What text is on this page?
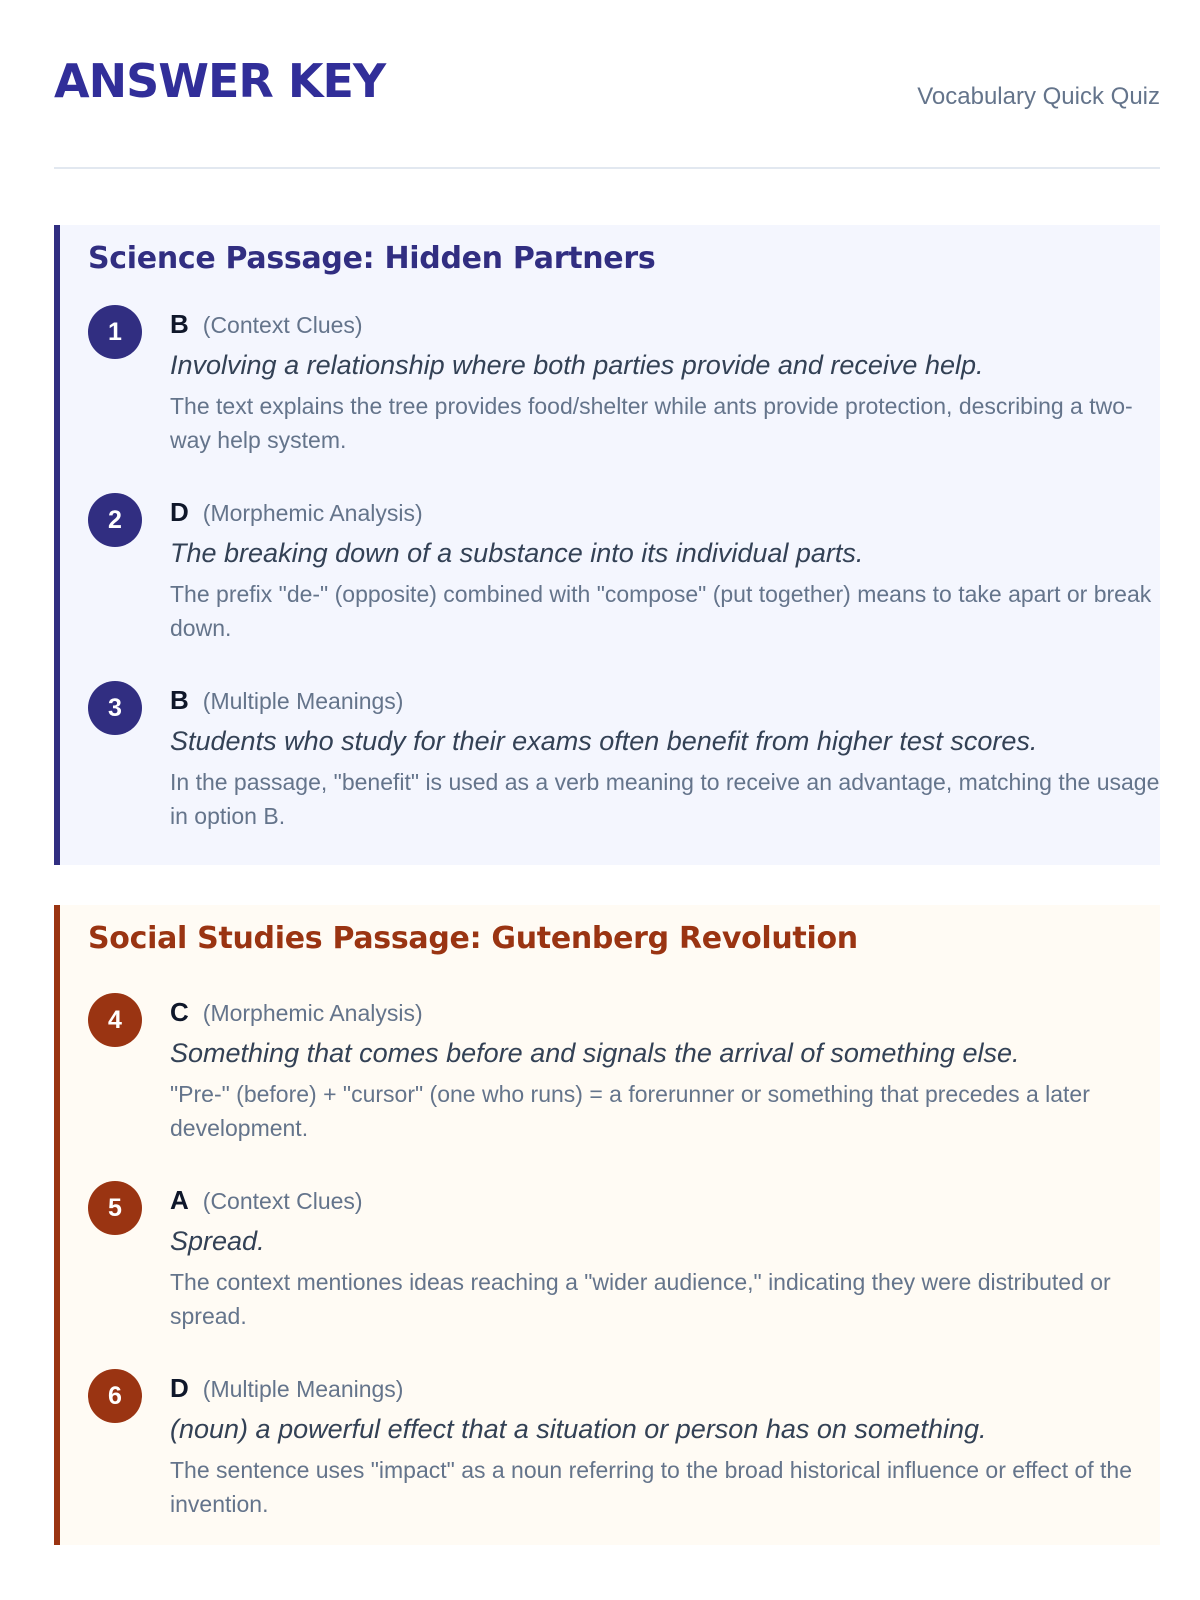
ANSWER KEY	Vocabulary Quick Quiz
Science Passage: Hidden Partners
1	B (Context Clues)
Involving a relationship where both parties provide and receive help.
The text explains the tree provides food/shelter while ants provide protection, describing a two-way help system.
2	D (Morphemic Analysis)
The breaking down of a substance into its individual parts.
The prefix "de-" (opposite) combined with "compose" (put together) means to take apart or break down.
3	B (Multiple Meanings)
Students who study for their exams often benefit from higher test scores.
In the passage, "benefit" is used as a verb meaning to receive an advantage, matching the usage in option B.
Social Studies Passage: Gutenberg Revolution
4	C (Morphemic Analysis)
Something that comes before and signals the arrival of something else.
"Pre-" (before) + "cursor" (one who runs) = a forerunner or something that precedes a later development.
5	A (Context Clues)
Spread.
The context mentiones ideas reaching a "wider audience," indicating they were distributed or spread.
6	D (Multiple Meanings)
(noun) a powerful effect that a situation or person has on something.
The sentence uses "impact" as a noun referring to the broad historical influence or effect of the invention.
